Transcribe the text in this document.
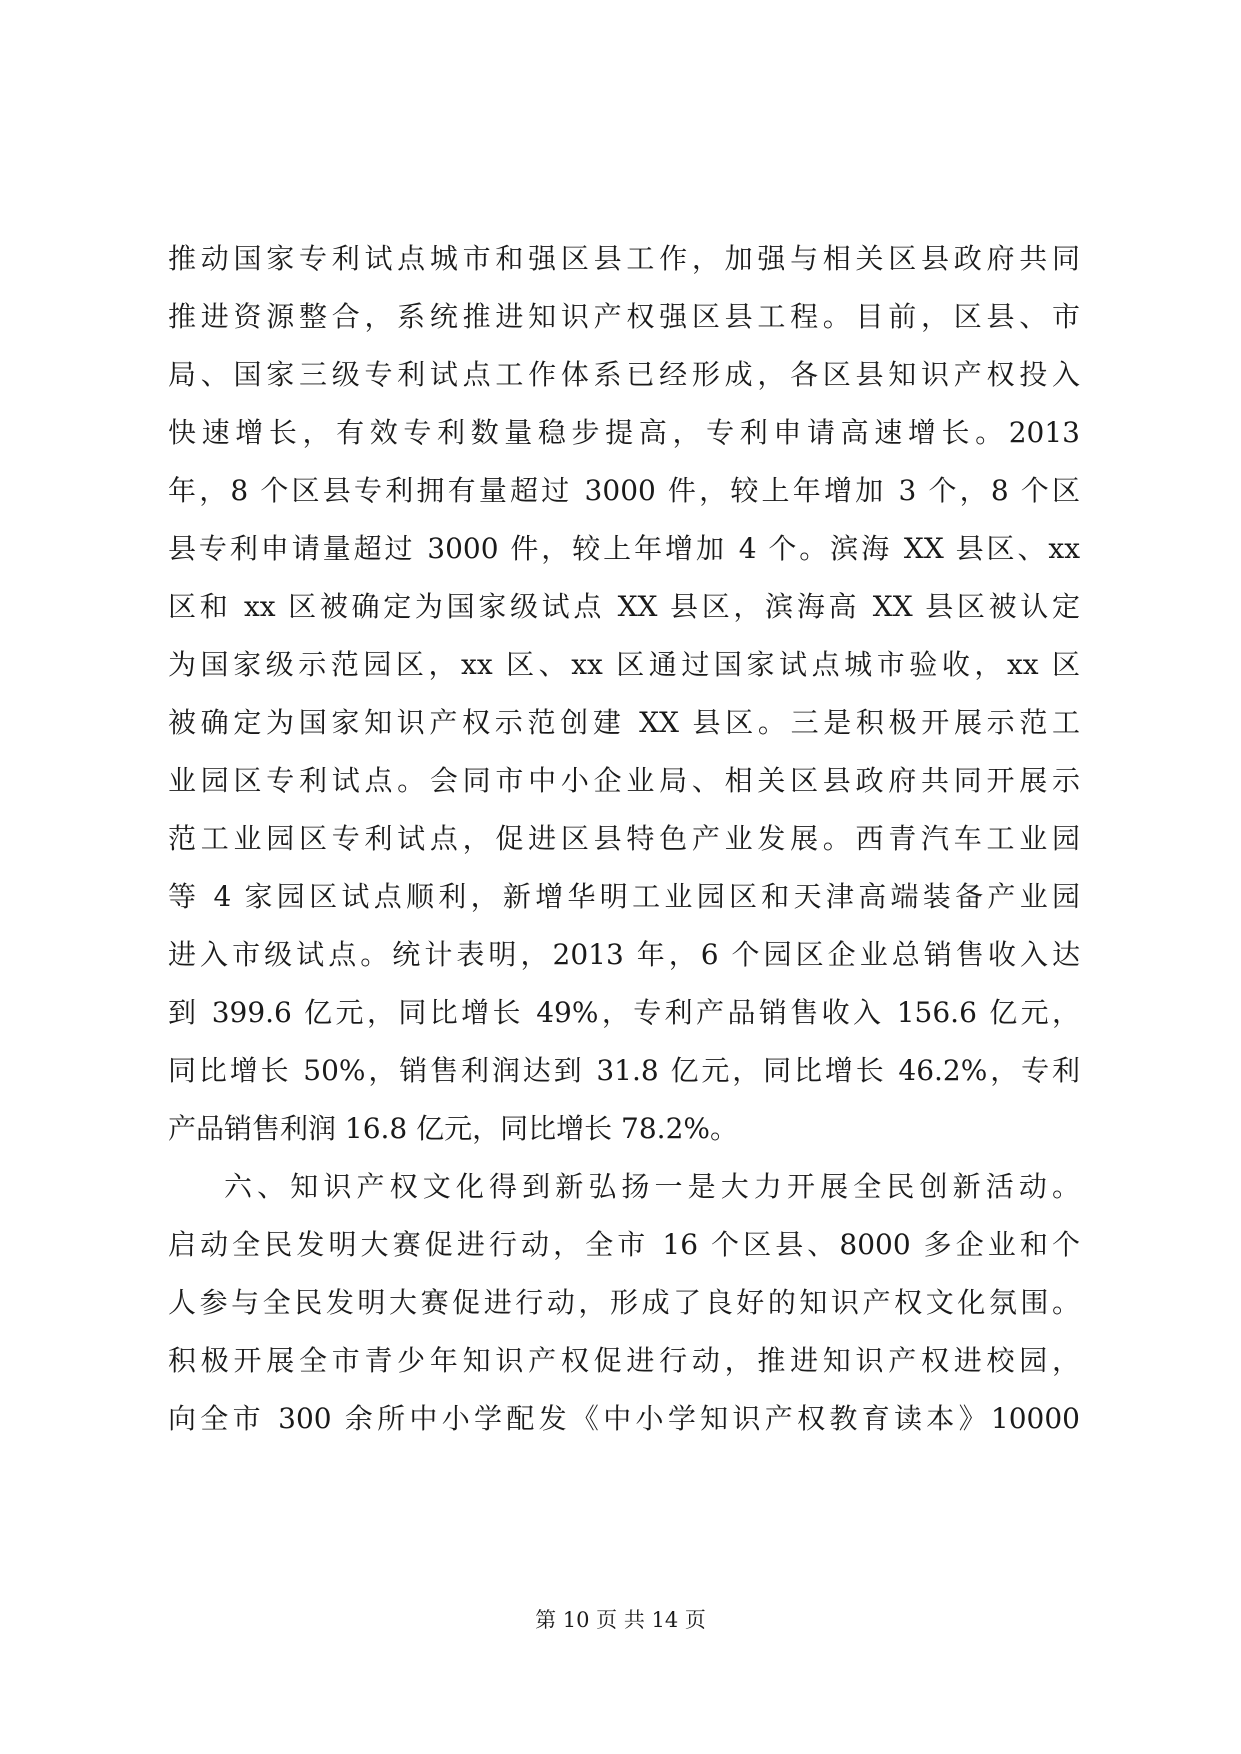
推动国家专利试点城市和强区县工作，加强与相关区县政府共同
推进资源整合，系统推进知识产权强区县工程。目前，区县、市
局、国家三级专利试点工作体系已经形成，各区县知识产权投入
快速增长，有效专利数量稳步提高，专利申请高速增长。2013
年，8 个区县专利拥有量超过 3000 件，较上年增加 3 个，8 个区
县专利申请量超过 3000 件，较上年增加 4 个。滨海 XX 县区、xx
区和 xx 区被确定为国家级试点 XX 县区，滨海高 XX 县区被认定
为国家级示范园区，xx 区、xx 区通过国家试点城市验收，xx 区
被确定为国家知识产权示范创建 XX 县区。三是积极开展示范工
业园区专利试点。会同市中小企业局、相关区县政府共同开展示
范工业园区专利试点，促进区县特色产业发展。西青汽车工业园
等 4 家园区试点顺利，新增华明工业园区和天津高端装备产业园
进入市级试点。统计表明，2013 年，6 个园区企业总销售收入达
到 399.6 亿元，同比增长 49%，专利产品销售收入 156.6 亿元，
同比增长 50%，销售利润达到 31.8 亿元，同比增长 46.2%，专利
产品销售利润 16.8 亿元，同比增长 78.2%。
六、知识产权文化得到新弘扬一是大力开展全民创新活动。
启动全民发明大赛促进行动，全市 16 个区县、8000 多企业和个
人参与全民发明大赛促进行动，形成了良好的知识产权文化氛围。
积极开展全市青少年知识产权促进行动，推进知识产权进校园，
向全市 300 余所中小学配发《中小学知识产权教育读本》10000
第 10 页 共 14 页
